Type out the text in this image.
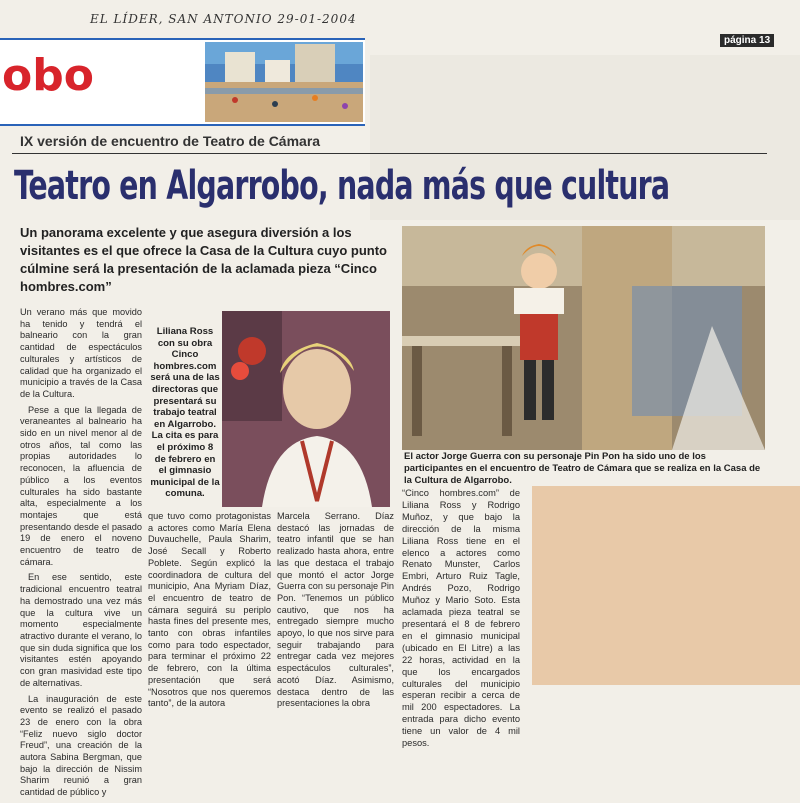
EL LÍDER, SAN ANTONIO 29-01-2004
página 13
obo
IX versión de encuentro de Teatro de Cámara
Teatro en Algarrobo, nada más que cultura
Un panorama excelente y que asegura diversión a los visitantes es el que ofrece la Casa de la Cultura cuyo punto cúlmine será la presentación de la aclamada pieza “Cinco hombres.com”

Un verano más que movido ha tenido y tendrá el balneario con la gran cantidad de espectáculos culturales y artísticos de calidad que ha organizado el municipio a través de la Casa de la Cultura.

Pese a que la llegada de veraneantes al balneario ha sido en un nivel menor al de otros años, tal como las propias autoridades lo reconocen, la afluencia de público a los eventos culturales ha sido bastante alta, especialmente a los montajes que está presentando desde el pasado 19 de enero el noveno encuentro de teatro de cámara.

En ese sentido, este tradicional encuentro teatral ha demostrado una vez más que la cultura vive un momento especialmente atractivo durante el verano, lo que sin duda significa que los visitantes estén apoyando con gran masividad este tipo de alternativas.

La inauguración de este evento se realizó el pasado 23 de enero con la obra “Feliz nuevo siglo doctor Freud”, una creación de la autora Sabina Bergman, que bajo la dirección de Nissim Sharim reunió a gran cantidad de público y

Liliana Ross con su obra Cinco hombres.com será una de las directoras que presentará su trabajo teatral en Algarrobo. La cita es para el próximo 8 de febrero en el gimnasio municipal de la comuna.

que tuvo como protagonistas a actores como María Elena Duvauchelle, Paula Sharim, José Secall y Roberto Poblete. Según explicó la coordinadora de cultura del municipio, Ana Myriam Díaz, el encuentro de teatro de cámara seguirá su periplo hasta fines del presente mes, tanto con obras infantiles como para todo espectador, para terminar el próximo 22 de febrero, con la última presentación que será “Nosotros que nos queremos tanto”, de la autora

Marcela Serrano. Díaz destacó las jornadas de teatro infantil que se han realizado hasta ahora, entre las que destaca el trabajo que montó el actor Jorge Guerra con su personaje Pin Pon. “Tenemos un público cautivo, que nos ha entregado siempre mucho apoyo, lo que nos sirve para seguir trabajando para entregar cada vez mejores espectáculos culturales”, acotó Díaz. Asimismo, destaca dentro de las presentaciones la obra

El actor Jorge Guerra con su personaje Pin Pon ha sido uno de los participantes en el encuentro de Teatro de Cámara que se realiza en la Casa de la Cultura de Algarrobo.

“Cinco hombres.com” de Liliana Ross y Rodrigo Muñoz, y que bajo la dirección de la misma Liliana Ross tiene en el elenco a actores como Renato Munster, Carlos Embri, Arturo Ruiz Tagle, Andrés Pozo, Rodrigo Muñoz y Mario Soto. Esta aclamada pieza teatral se presentará el 8 de febrero en el gimnasio municipal (ubicado en El Litre) a las 22 horas, actividad en la que los encargados culturales del municipio esperan recibir a cerca de mil 200 espectadores. La entrada para dicho evento tiene un valor de 4 mil pesos.
